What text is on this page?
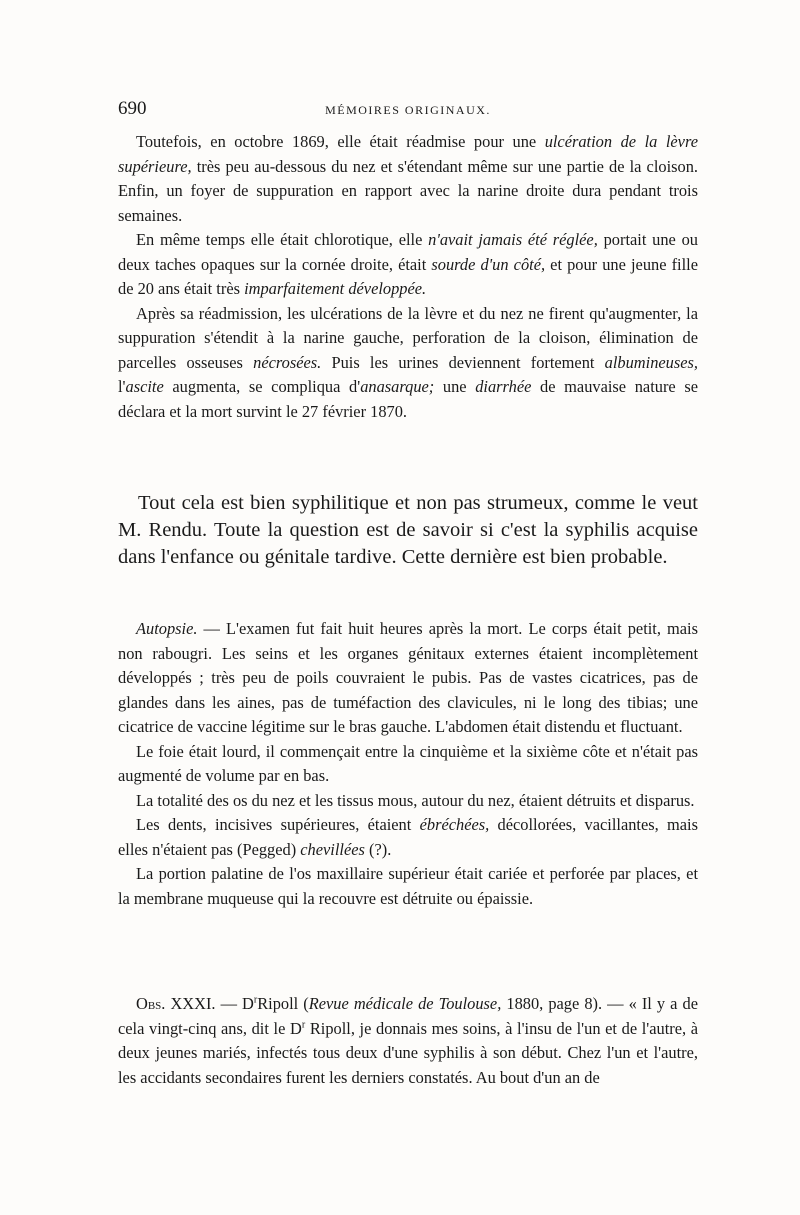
690	MÉMOIRES ORIGINAUX.

Toutefois, en octobre 1869, elle était réadmise pour une ulcération de la lèvre supérieure, très peu au-dessous du nez et s'étendant même sur une partie de la cloison. Enfin, un foyer de suppuration en rapport avec la narine droite dura pendant trois semaines.

En même temps elle était chlorotique, elle n'avait jamais été réglée, portait une ou deux taches opaques sur la cornée droite, était sourde d'un côté, et pour une jeune fille de 20 ans était très imparfaitement développée.

Après sa réadmission, les ulcérations de la lèvre et du nez ne firent qu'augmenter, la suppuration s'étendit à la narine gauche, perforation de la cloison, élimination de parcelles osseuses nécrosées. Puis les urines deviennent fortement albumineuses, l'ascite augmenta, se compliqua d'anasarque; une diarrhée de mauvaise nature se déclara et la mort survint le 27 février 1870.

Tout cela est bien syphilitique et non pas strumeux, comme le veut M. Rendu. Toute la question est de savoir si c'est la syphilis acquise dans l'enfance ou génitale tardive. Cette dernière est bien probable.

Autopsie. — L'examen fut fait huit heures après la mort. Le corps était petit, mais non rabougri. Les seins et les organes génitaux externes étaient incomplètement développés ; très peu de poils couvraient le pubis. Pas de vastes cicatrices, pas de glandes dans les aines, pas de tuméfaction des clavicules, ni le long des tibias; une cicatrice de vaccine légitime sur le bras gauche. L'abdomen était distendu et fluctuant.

Le foie était lourd, il commençait entre la cinquième et la sixième côte et n'était pas augmenté de volume par en bas.

La totalité des os du nez et les tissus mous, autour du nez, étaient détruits et disparus.

Les dents, incisives supérieures, étaient ébréchées, décollorées, vacillantes, mais elles n'étaient pas (Pegged) chevillées (?).

La portion palatine de l'os maxillaire supérieur était cariée et perforée par places, et la membrane muqueuse qui la recouvre est détruite ou épaissie.

Obs. XXXI. — $D^rRipoll$ (Revue médicale de Toulouse, 1880, page 8). — « Il y a de cela vingt-cinq ans, dit le $D^r$ Ripoll, je donnais mes soins, à l'insu de l'un et de l'autre, à deux jeunes mariés, infectés tous deux d'une syphilis à son début. Chez l'un et l'autre, les accidants secondaires furent les derniers constatés. Au bout d'un an de
